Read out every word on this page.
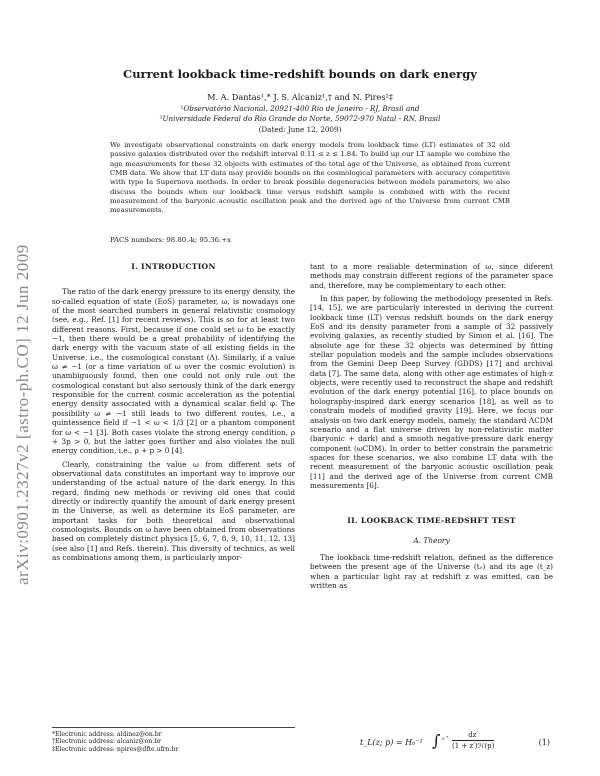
arXiv:0901.2327v2 [astro-ph.CO] 12 Jun 2009
Current lookback time-redshift bounds on dark energy
M. A. Dantas¹,* J. S. Alcaniz¹,† and N. Pires²‡
¹Observatório Nacional, 20921-400 Rio de Janeiro - RJ, Brasil and
²Universidade Federal do Rio Grande do Norte, 59072-970 Natal - RN, Brasil
(Dated: June 12, 2009)
We investigate observational constraints on dark energy models from lookback time (LT) estimates of 32 old passive galaxies distributed over the redshift interval 0.11 ≤ z ≤ 1.84. To build up our LT sample we combine the age measurements for these 32 objects with estimates of the total age of the Universe, as obtained from current CMB data. We show that LT data may provide bounds on the cosmological parameters with accuracy competitive with type Ia Supernova methods. In order to break possible degeneracies between models parameters, we also discuss the bounds when our lookback time versus redshift sample is combined with with the recent measurement of the baryonic acoustic oscillation peak and the derived age of the Universe from current CMB measurements.
PACS numbers: 98.80.-k; 95.36.+x
I. INTRODUCTION

The ratio of the dark energy pressure to its energy density, the so-called equation of state (EoS) parameter, ω, is nowadays one of the most searched numbers in general relativistic cosmology (see, e.g., Ref. [1] for recent reviews). This is so for at least two different reasons. First, because if one could set ω to be exactly −1, then there would be a great probability of identifying the dark energy with the vacuum state of all existing fields in the Universe, i.e., the cosmological constant (Λ). Similarly, if a value ω ≠ −1 (or a time variation of ω over the cosmic evolution) is unambiguously found, then one could not only rule out the cosmological constant but also seriously think of the dark energy responsible for the current cosmic acceleration as the potential energy density associated with a dynamical scalar field φ. The possibility ω ≠ −1 still leads to two different routes, i.e., a quintessence field if −1 < ω < 1/3 [2] or a phantom component for ω < −1 [3]. Both cases violate the strong energy condition, ρ + 3p > 0, but the latter goes further and also violates the null energy condition, i.e., ρ + p > 0 [4].

Clearly, constraining the value ω from different sets of observational data constitutes an important way to improve our understanding of the actual nature of the dark energy. In this regard, finding new methods or reviving old ones that could directly or indirectly quantify the amount of dark energy present in the Universe, as well as determine its EoS parameter, are important tasks for both theoretical and observational cosmologists. Bounds on ω have been obtained from observations based on completely distinct physics [5, 6, 7, 8, 9, 10, 11, 12, 13] (see also [1] and Refs. therein). This diversity of technics, as well as combinations among them, is particularly impor-

tant to a more realiable determination of ω, since diferent methods may constrain different regions of the parameter space and, therefore, may be complementary to each other.

In this paper, by following the methodology presented in Refs. [14, 15], we are particularly interested in deriving the current lookback time (LT) versus redshift bounds on the dark energy EoS and its density parameter from a sample of 32 passively evolving galaxies, as recently studied by Simon et al. [16]. The absolute age for these 32 objects was determined by fitting stellar population models and the sample includes observations from the Gemini Deep Deep Survey (GDDS) [17] and archival data [7]. The same data, along with other age estimates of high-z objects, were recently used to reconstruct the shape and redshift evolution of the dark energy potential [16], to place bounds on holography-inspired dark energy scenarios [18], as well as to constrain models of modified gravity [19]. Here, we focus our analysis on two dark energy models, namely, the standard ΛCDM scenario and a flat universe driven by non-relativistic matter (baryonic + dark) and a smooth negative-pressure dark energy component (ωCDM). In order to better constrain the parametric spaces for these scenarios, we also combine LT data with the recent measurement of the baryonic acoustic oscillation peak [11] and the derived age of the Universe from current CMB measurements [6].

II. LOOKBACK TIME-REDSHFT TEST
A. Theory

The lookback time-redshift relation, defined as the difference between the present age of the Universe (t₀) and its age (t_z) when a particular light ray at redshift z was emitted, can be written as

t_L(z; p) = H₀⁻¹ ∫ ₀ ᶻ	dz′
(1 + z′)ℋ(p)	(1)
*Electronic address: aldinez@on.br
†Electronic address: alcaniz@on.br
‡Electronic address: npires@dfte.ufrn.br
